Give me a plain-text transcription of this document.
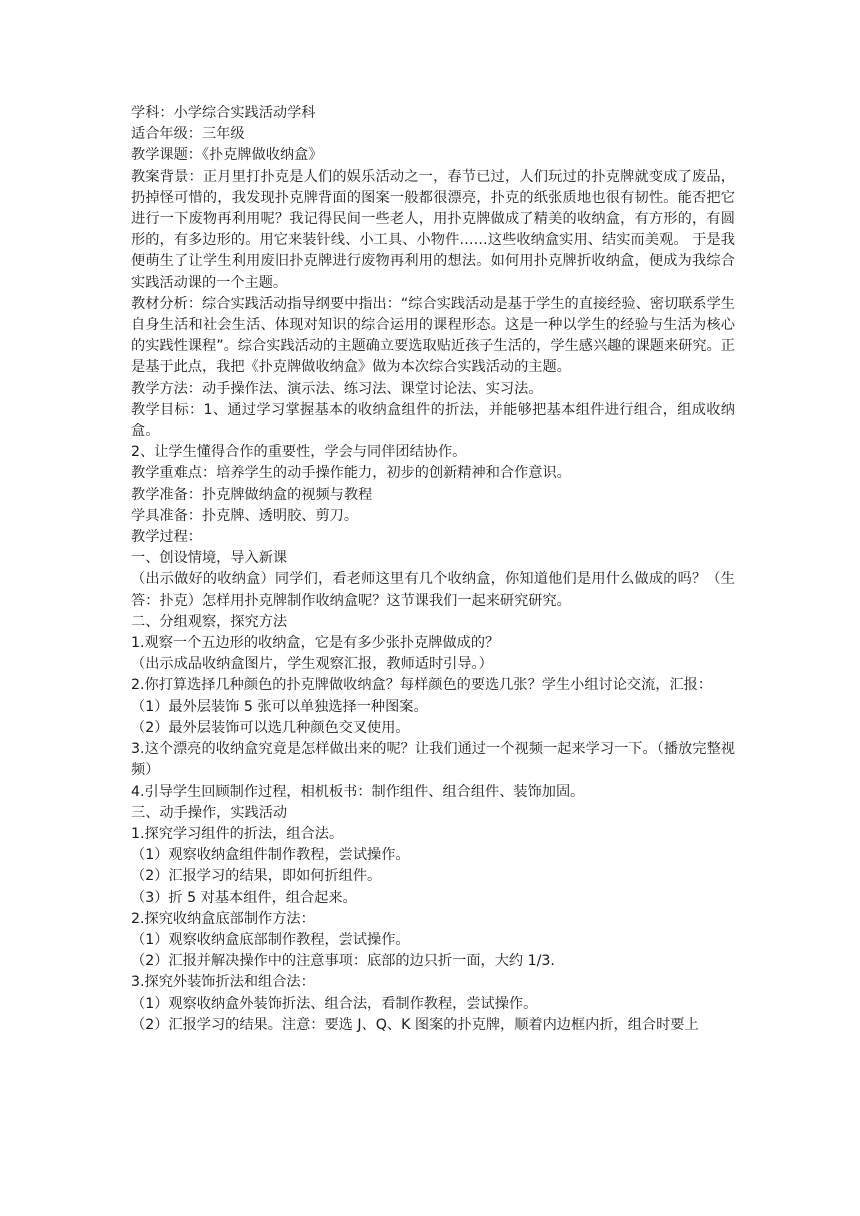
学科：小学综合实践活动学科

适合年级：三年级

教学课题：《扑克牌做收纳盒》

教案背景：正月里打扑克是人们的娱乐活动之一，春节已过，人们玩过的扑克牌就变成了废品，扔掉怪可惜的，我发现扑克牌背面的图案一般都很漂亮，扑克的纸张质地也很有韧性。能否把它进行一下废物再利用呢？我记得民间一些老人，用扑克牌做成了精美的收纳盒，有方形的，有圆形的，有多边形的。用它来装针线、小工具、小物件……这些收纳盒实用、结实而美观。 于是我便萌生了让学生利用废旧扑克牌进行废物再利用的想法。如何用扑克牌折收纳盒，便成为我综合实践活动课的一个主题。

教材分析：综合实践活动指导纲要中指出：“综合实践活动是基于学生的直接经验、密切联系学生自身生活和社会生活、体现对知识的综合运用的课程形态。这是一种以学生的经验与生活为核心的实践性课程”。综合实践活动的主题确立要选取贴近孩子生活的，学生感兴趣的课题来研究。正是基于此点，我把《扑克牌做收纳盒》做为本次综合实践活动的主题。

教学方法：动手操作法、演示法、练习法、课堂讨论法、实习法。

教学目标：1、通过学习掌握基本的收纳盒组件的折法，并能够把基本组件进行组合，组成收纳盒。

2、让学生懂得合作的重要性，学会与同伴团结协作。

教学重难点：培养学生的动手操作能力，初步的创新精神和合作意识。

教学准备：扑克牌做纳盒的视频与教程

学具准备：扑克牌、透明胶、剪刀。

教学过程：

一、创设情境，导入新课

（出示做好的收纳盒）同学们，看老师这里有几个收纳盒，你知道他们是用什么做成的吗？（生答：扑克）怎样用扑克牌制作收纳盒呢？这节课我们一起来研究研究。

二、分组观察，探究方法

1.观察一个五边形的收纳盒，它是有多少张扑克牌做成的？

（出示成品收纳盒图片，学生观察汇报，教师适时引导。）

2.你打算选择几种颜色的扑克牌做收纳盒？每样颜色的要选几张？学生小组讨论交流，汇报：

（1）最外层装饰 5 张可以单独选择一种图案。

（2）最外层装饰可以选几种颜色交叉使用。

3.这个漂亮的收纳盒究竟是怎样做出来的呢？让我们通过一个视频一起来学习一下。（播放完整视频）

4.引导学生回顾制作过程，相机板书：制作组件、组合组件、装饰加固。

三、动手操作，实践活动

1.探究学习组件的折法，组合法。

（1）观察收纳盒组件制作教程，尝试操作。

（2）汇报学习的结果，即如何折组件。

（3）折 5 对基本组件，组合起来。

2.探究收纳盒底部制作方法：

（1）观察收纳盒底部制作教程，尝试操作。

（2）汇报并解决操作中的注意事项：底部的边只折一面，大约 1/3.

3.探究外装饰折法和组合法：

（1）观察收纳盒外装饰折法、组合法，看制作教程，尝试操作。

（2）汇报学习的结果。注意：要选 J、Q、K 图案的扑克牌，顺着内边框内折，组合时要上
